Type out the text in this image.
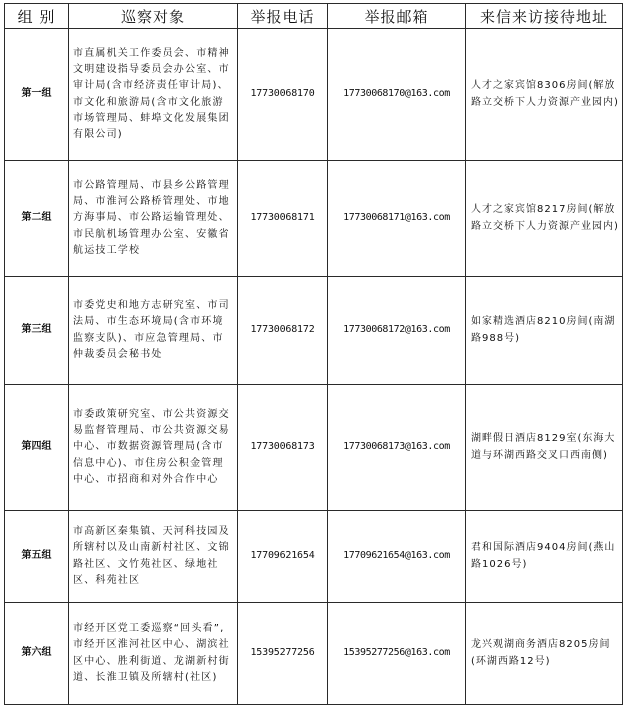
组 别	巡察对象	举报电话	举报邮箱	来信来访接待地址
第一组	市直属机关工作委员会、市精神文明建设指导委员会办公室、市审计局(含市经济责任审计局)、市文化和旅游局(含市文化旅游市场管理局、蚌埠文化发展集团有限公司)	17730068170	17730068170@163.com	人才之家宾馆8306房间(解放路立交桥下人力资源产业园内)
第二组	市公路管理局、市县乡公路管理局、市淮河公路桥管理处、市地方海事局、市公路运输管理处、市民航机场管理办公室、安徽省航运技工学校	17730068171	17730068171@163.com	人才之家宾馆8217房间(解放路立交桥下人力资源产业园内)
第三组	市委党史和地方志研究室、市司法局、市生态环境局(含市环境监察支队)、市应急管理局、市仲裁委员会秘书处	17730068172	17730068172@163.com	如家精选酒店8210房间(南湖路988号)
第四组	市委政策研究室、市公共资源交易监督管理局、市公共资源交易中心、市数据资源管理局(含市信息中心)、市住房公积金管理中心、市招商和对外合作中心	17730068173	17730068173@163.com	湖畔假日酒店8129室(东海大道与环湖西路交叉口西南侧)
第五组	市高新区秦集镇、天河科技园及所辖村以及山南新村社区、文锦路社区、文竹苑社区、绿地社区、科苑社区	17709621654	17709621654@163.com	君和国际酒店9404房间(燕山路1026号)
第六组	市经开区党工委巡察“回头看”,市经开区淮河社区中心、湖滨社区中心、胜利街道、龙湖新村街道、长淮卫镇及所辖村(社区)	15395277256	15395277256@163.com	龙兴观湖商务酒店8205房间(环湖西路12号)
